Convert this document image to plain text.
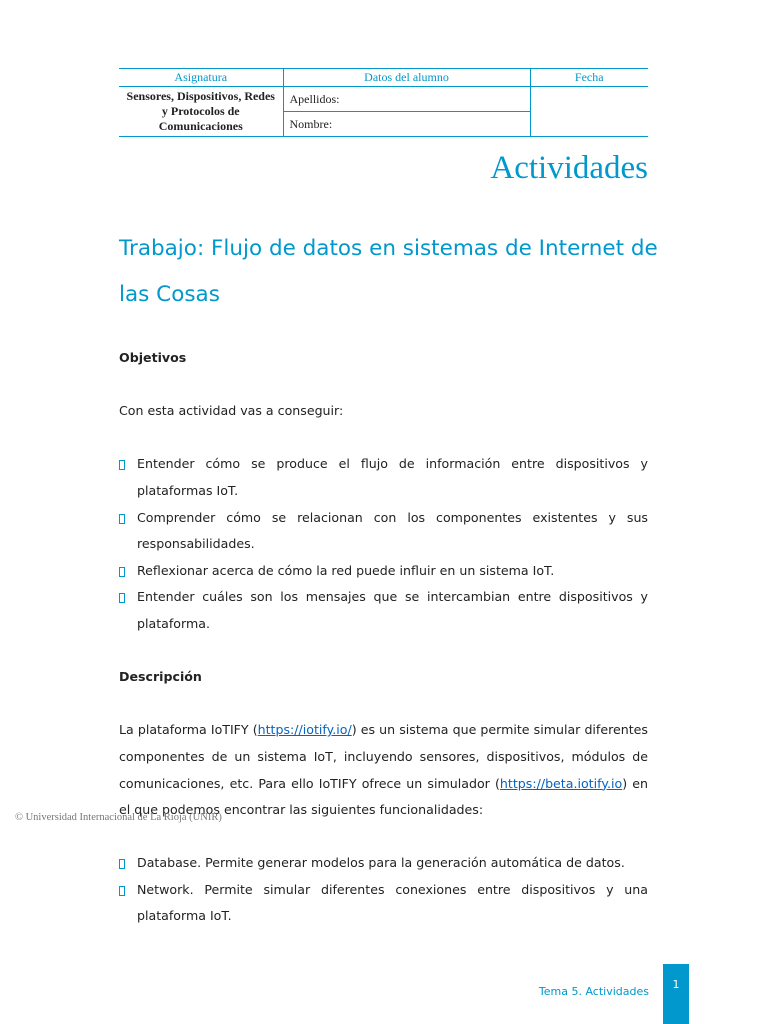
Asignatura	Datos del alumno	Fecha
Sensores, Dispositivos, Redes y Protocolos de Comunicaciones	Apellidos:	
	Nombre:	
Actividades
Trabajo: Flujo de datos en sistemas de Internet de las Cosas

Objetivos

Con esta actividad vas a conseguir:

Entender cómo se produce el flujo de información entre dispositivos y plataformas IoT.
Comprender cómo se relacionan con los componentes existentes y sus responsabilidades.
Reflexionar acerca de cómo la red puede influir en un sistema IoT.
Entender cuáles son los mensajes que se intercambian entre dispositivos y plataforma.

Descripción

La plataforma IoTIFY (https://iotify.io/) es un sistema que permite simular diferentes componentes de un sistema IoT, incluyendo sensores, dispositivos, módulos de comunicaciones, etc. Para ello IoTIFY ofrece un simulador (https://beta.iotify.io) en el que podemos encontrar las siguientes funcionalidades:

Database. Permite generar modelos para la generación automática de datos.
Network. Permite simular diferentes conexiones entre dispositivos y una plataforma IoT.

© Universidad Internacional de La Rioja (UNIR)

Tema 5. Actividades
1
